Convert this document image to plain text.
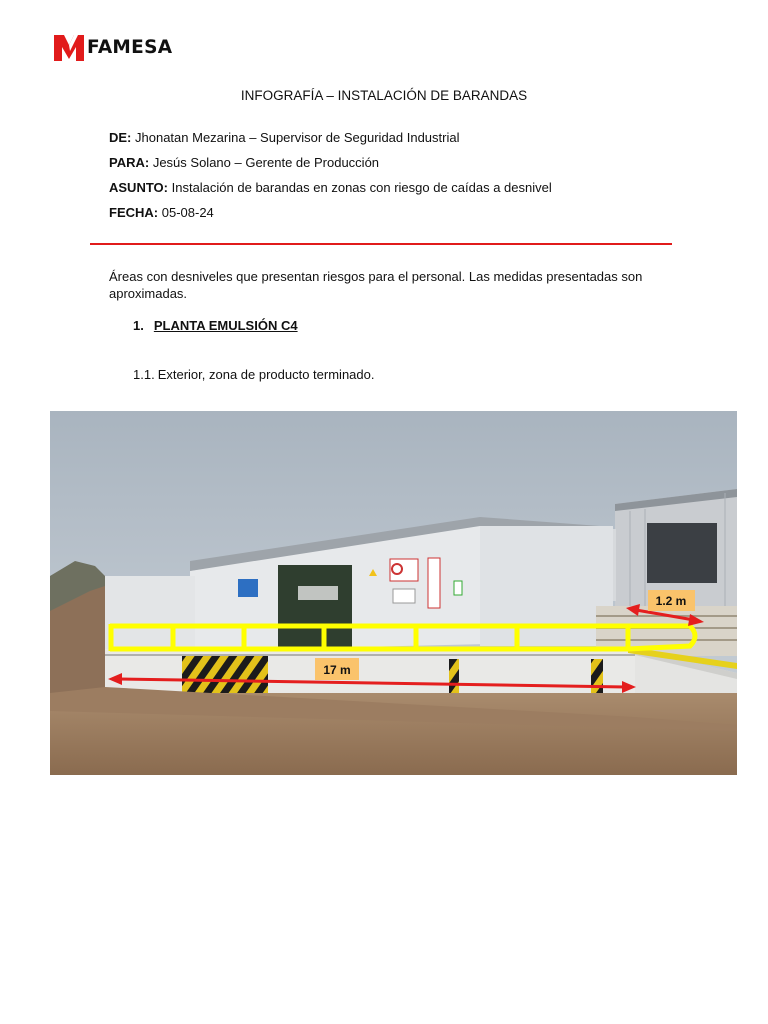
FAMESA
INFOGRAFÍA – INSTALACIÓN DE BARANDAS
DE: Jhonatan Mezarina – Supervisor de Seguridad Industrial
PARA: Jesús Solano – Gerente de Producción
ASUNTO: Instalación de barandas en zonas con riesgo de caídas a desnivel
FECHA: 05-08-24
Áreas con desniveles que presentan riesgos para el personal. Las medidas presentadas son aproximadas.
1. PLANTA EMULSIÓN C4
1.1. Exterior, zona de producto terminado.
17 m
1.2 m
